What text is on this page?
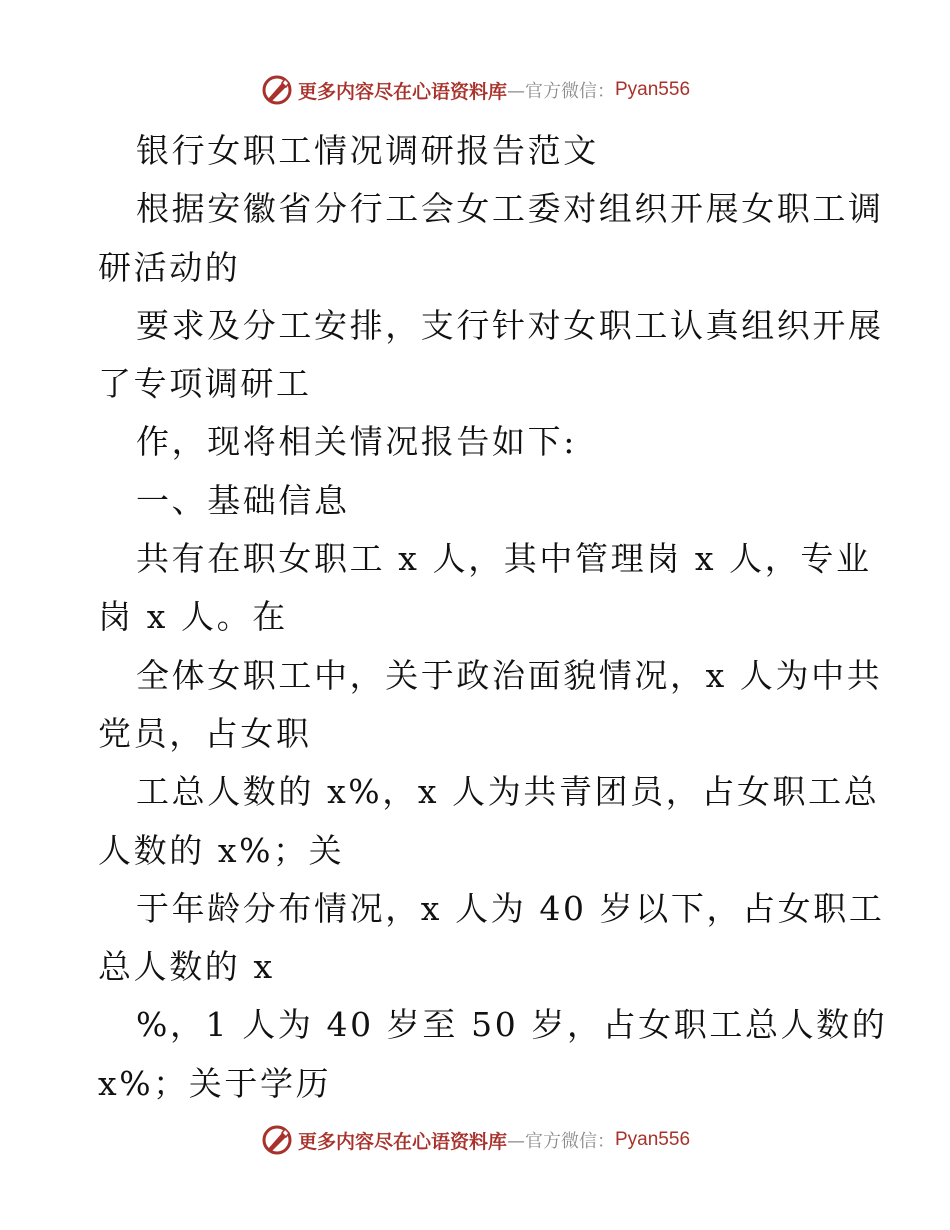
更多内容尽在心语资料库 —官方微信： Pyan556
银行女职工情况调研报告范文
根据安徽省分行工会女工委对组织开展女职工调
研活动的
要求及分工安排，支行针对女职工认真组织开展
了专项调研工
作，现将相关情况报告如下:
一、基础信息
共有在职女职工 x 人，其中管理岗 x 人，专业
岗 x 人。在
全体女职工中，关于政治面貌情况，x 人为中共
党员，占女职
工总人数的 x%，x 人为共青团员，占女职工总
人数的 x%；关
于年龄分布情况，x 人为 40 岁以下，占女职工
总人数的 x
%，1 人为 40 岁至 50 岁，占女职工总人数的
x%；关于学历
更多内容尽在心语资料库 —官方微信： Pyan556
